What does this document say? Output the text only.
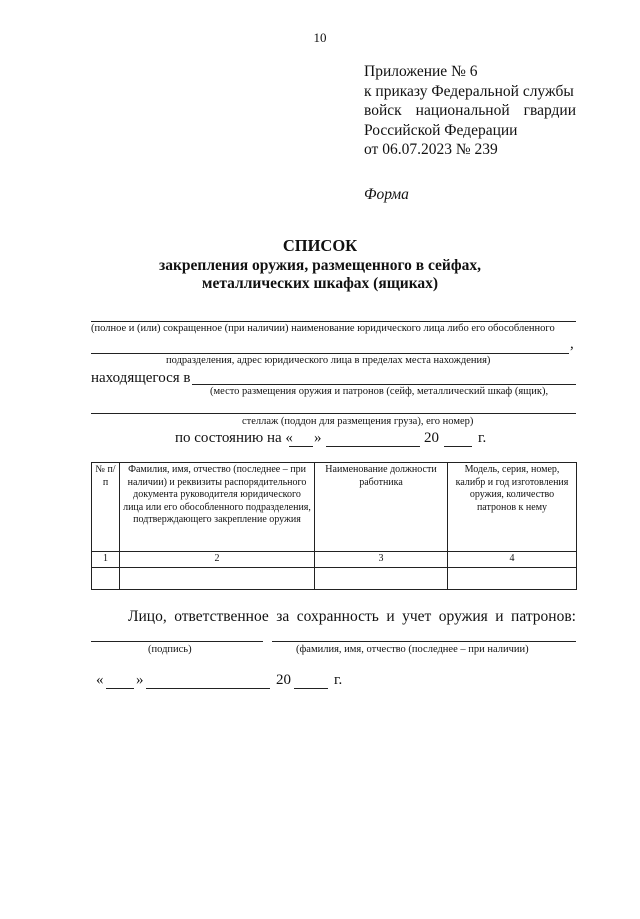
10
Приложение № 6
к приказу Федеральной службы
войск национальной гвардии
Российской Федерации
от 06.07.2023 № 239
Форма
СПИСОК
закрепления оружия, размещенного в сейфах,
металлических шкафах (ящиках)
(полное и (или) сокращенное (при наличии) наименование юридического лица либо его обособленного
,
подразделения, адрес юридического лица в пределах места нахождения)
находящегося в
(место размещения оружия и патронов (сейф, металлический шкаф (ящик),
стеллаж (поддон для размещения груза), его номер)
по состоянию на « »	20	г.
№ п/п	Фамилия, имя, отчество (последнее – при наличии) и реквизиты распорядительного документа руководителя юридического лица или его обособленного подразделения, подтверждающего закрепление оружия	Наименование должности работника	Модель, серия, номер, калибр и год изготовления оружия, количество патронов к нему
1	2	3	4

Лицо, ответственное за сохранность и учет оружия и патронов:
(подпись)	(фамилия, имя, отчество (последнее – при наличии)
« »	20	г.
